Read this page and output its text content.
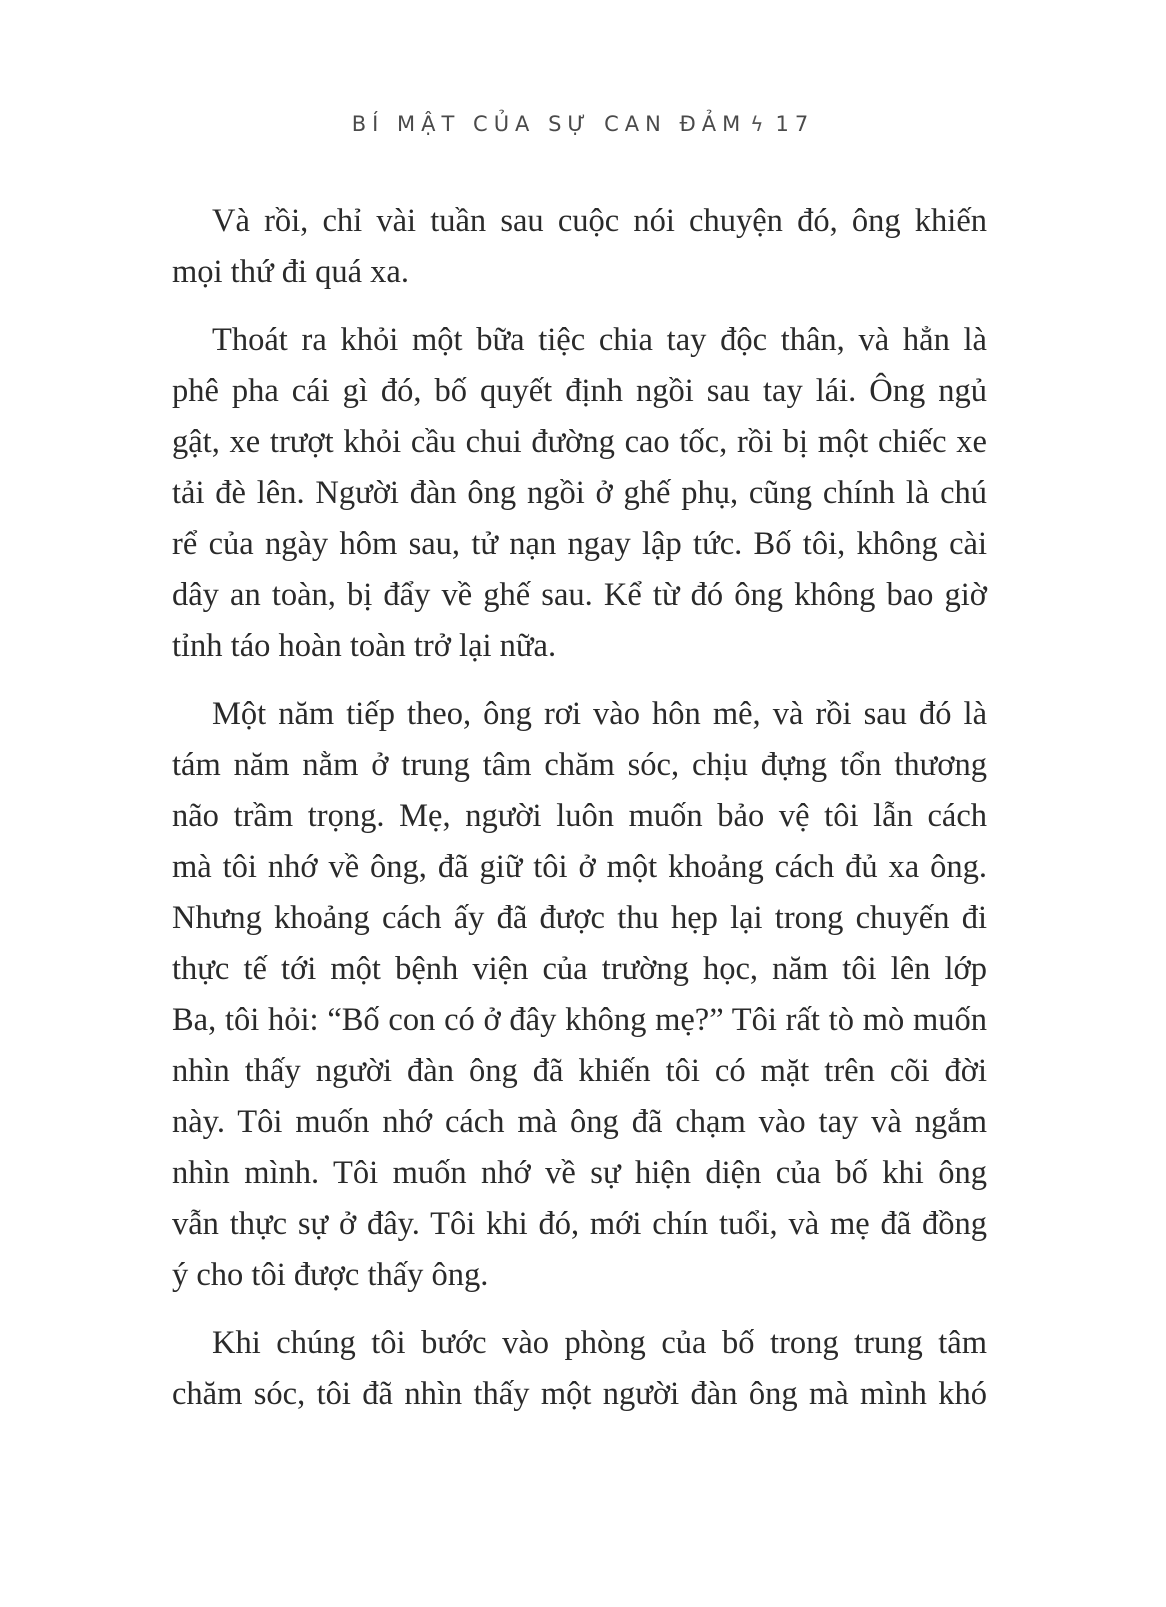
BÍ MẬT CỦA SỰ CAN ĐẢM ϟ 17
Và rồi, chỉ vài tuần sau cuộc nói chuyện đó, ông khiến
mọi thứ đi quá xa.
Thoát ra khỏi một bữa tiệc chia tay độc thân, và hẳn là
phê pha cái gì đó, bố quyết định ngồi sau tay lái. Ông ngủ
gật, xe trượt khỏi cầu chui đường cao tốc, rồi bị một chiếc xe
tải đè lên. Người đàn ông ngồi ở ghế phụ, cũng chính là chú
rể của ngày hôm sau, tử nạn ngay lập tức. Bố tôi, không cài
dây an toàn, bị đẩy về ghế sau. Kể từ đó ông không bao giờ
tỉnh táo hoàn toàn trở lại nữa.
Một năm tiếp theo, ông rơi vào hôn mê, và rồi sau đó là
tám năm nằm ở trung tâm chăm sóc, chịu đựng tổn thương
não trầm trọng. Mẹ, người luôn muốn bảo vệ tôi lẫn cách
mà tôi nhớ về ông, đã giữ tôi ở một khoảng cách đủ xa ông.
Nhưng khoảng cách ấy đã được thu hẹp lại trong chuyến đi
thực tế tới một bệnh viện của trường học, năm tôi lên lớp
Ba, tôi hỏi: “Bố con có ở đây không mẹ?” Tôi rất tò mò muốn
nhìn thấy người đàn ông đã khiến tôi có mặt trên cõi đời
này. Tôi muốn nhớ cách mà ông đã chạm vào tay và ngắm
nhìn mình. Tôi muốn nhớ về sự hiện diện của bố khi ông
vẫn thực sự ở đây. Tôi khi đó, mới chín tuổi, và mẹ đã đồng
ý cho tôi được thấy ông.
Khi chúng tôi bước vào phòng của bố trong trung tâm
chăm sóc, tôi đã nhìn thấy một người đàn ông mà mình khó
